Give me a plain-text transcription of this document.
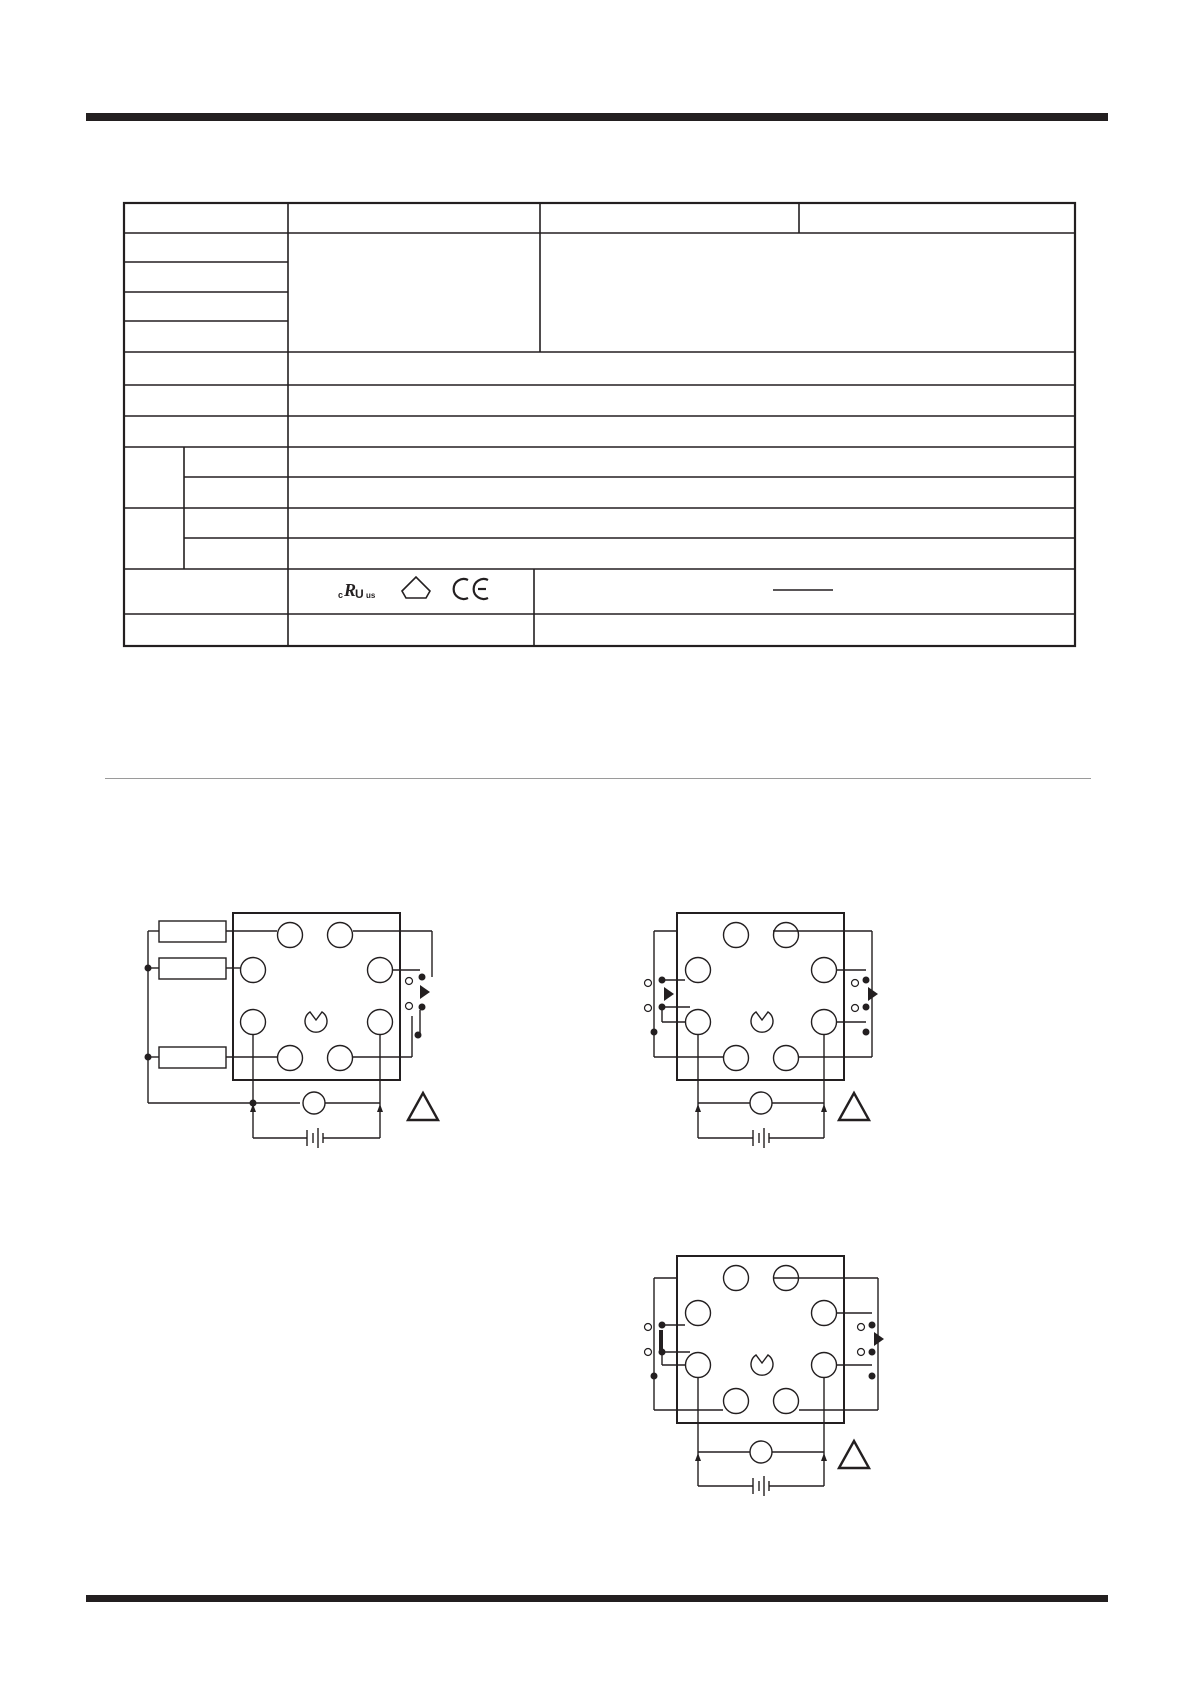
c R
U us
